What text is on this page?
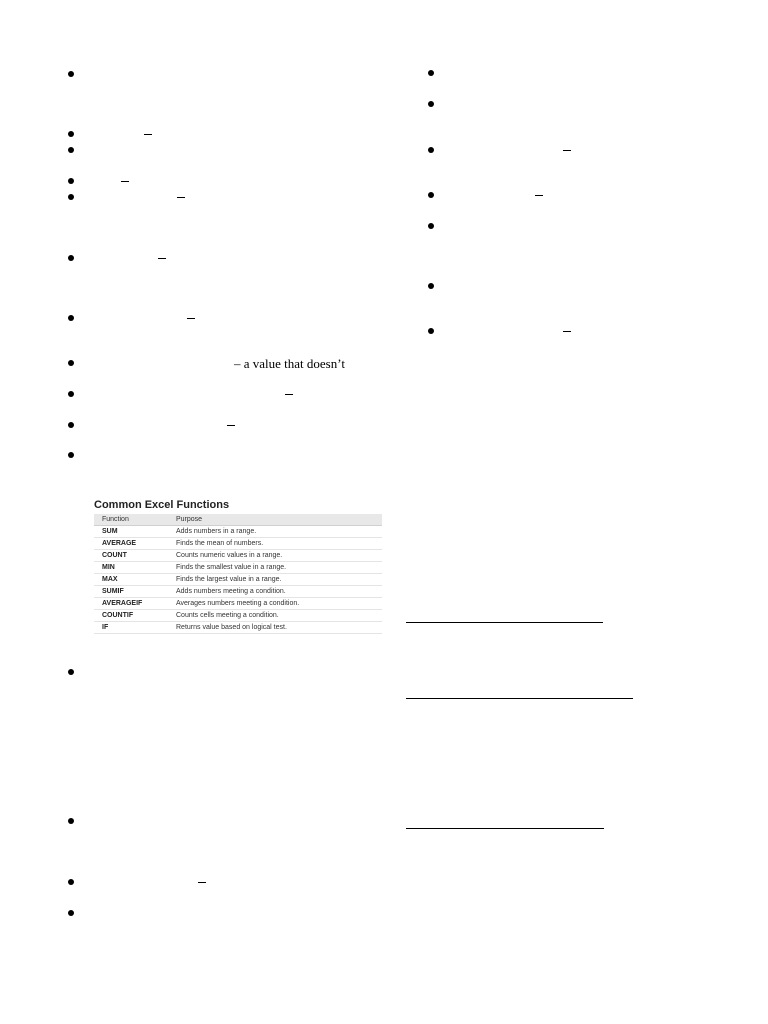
– a value that doesn’t
Common Excel Functions
Function	Purpose
SUM	Adds numbers in a range.
AVERAGE	Finds the mean of numbers.
COUNT	Counts numeric values in a range.
MIN	Finds the smallest value in a range.
MAX	Finds the largest value in a range.
SUMIF	Adds numbers meeting a condition.
AVERAGEIF	Averages numbers meeting a condition.
COUNTIF	Counts cells meeting a condition.
IF	Returns value based on logical test.
